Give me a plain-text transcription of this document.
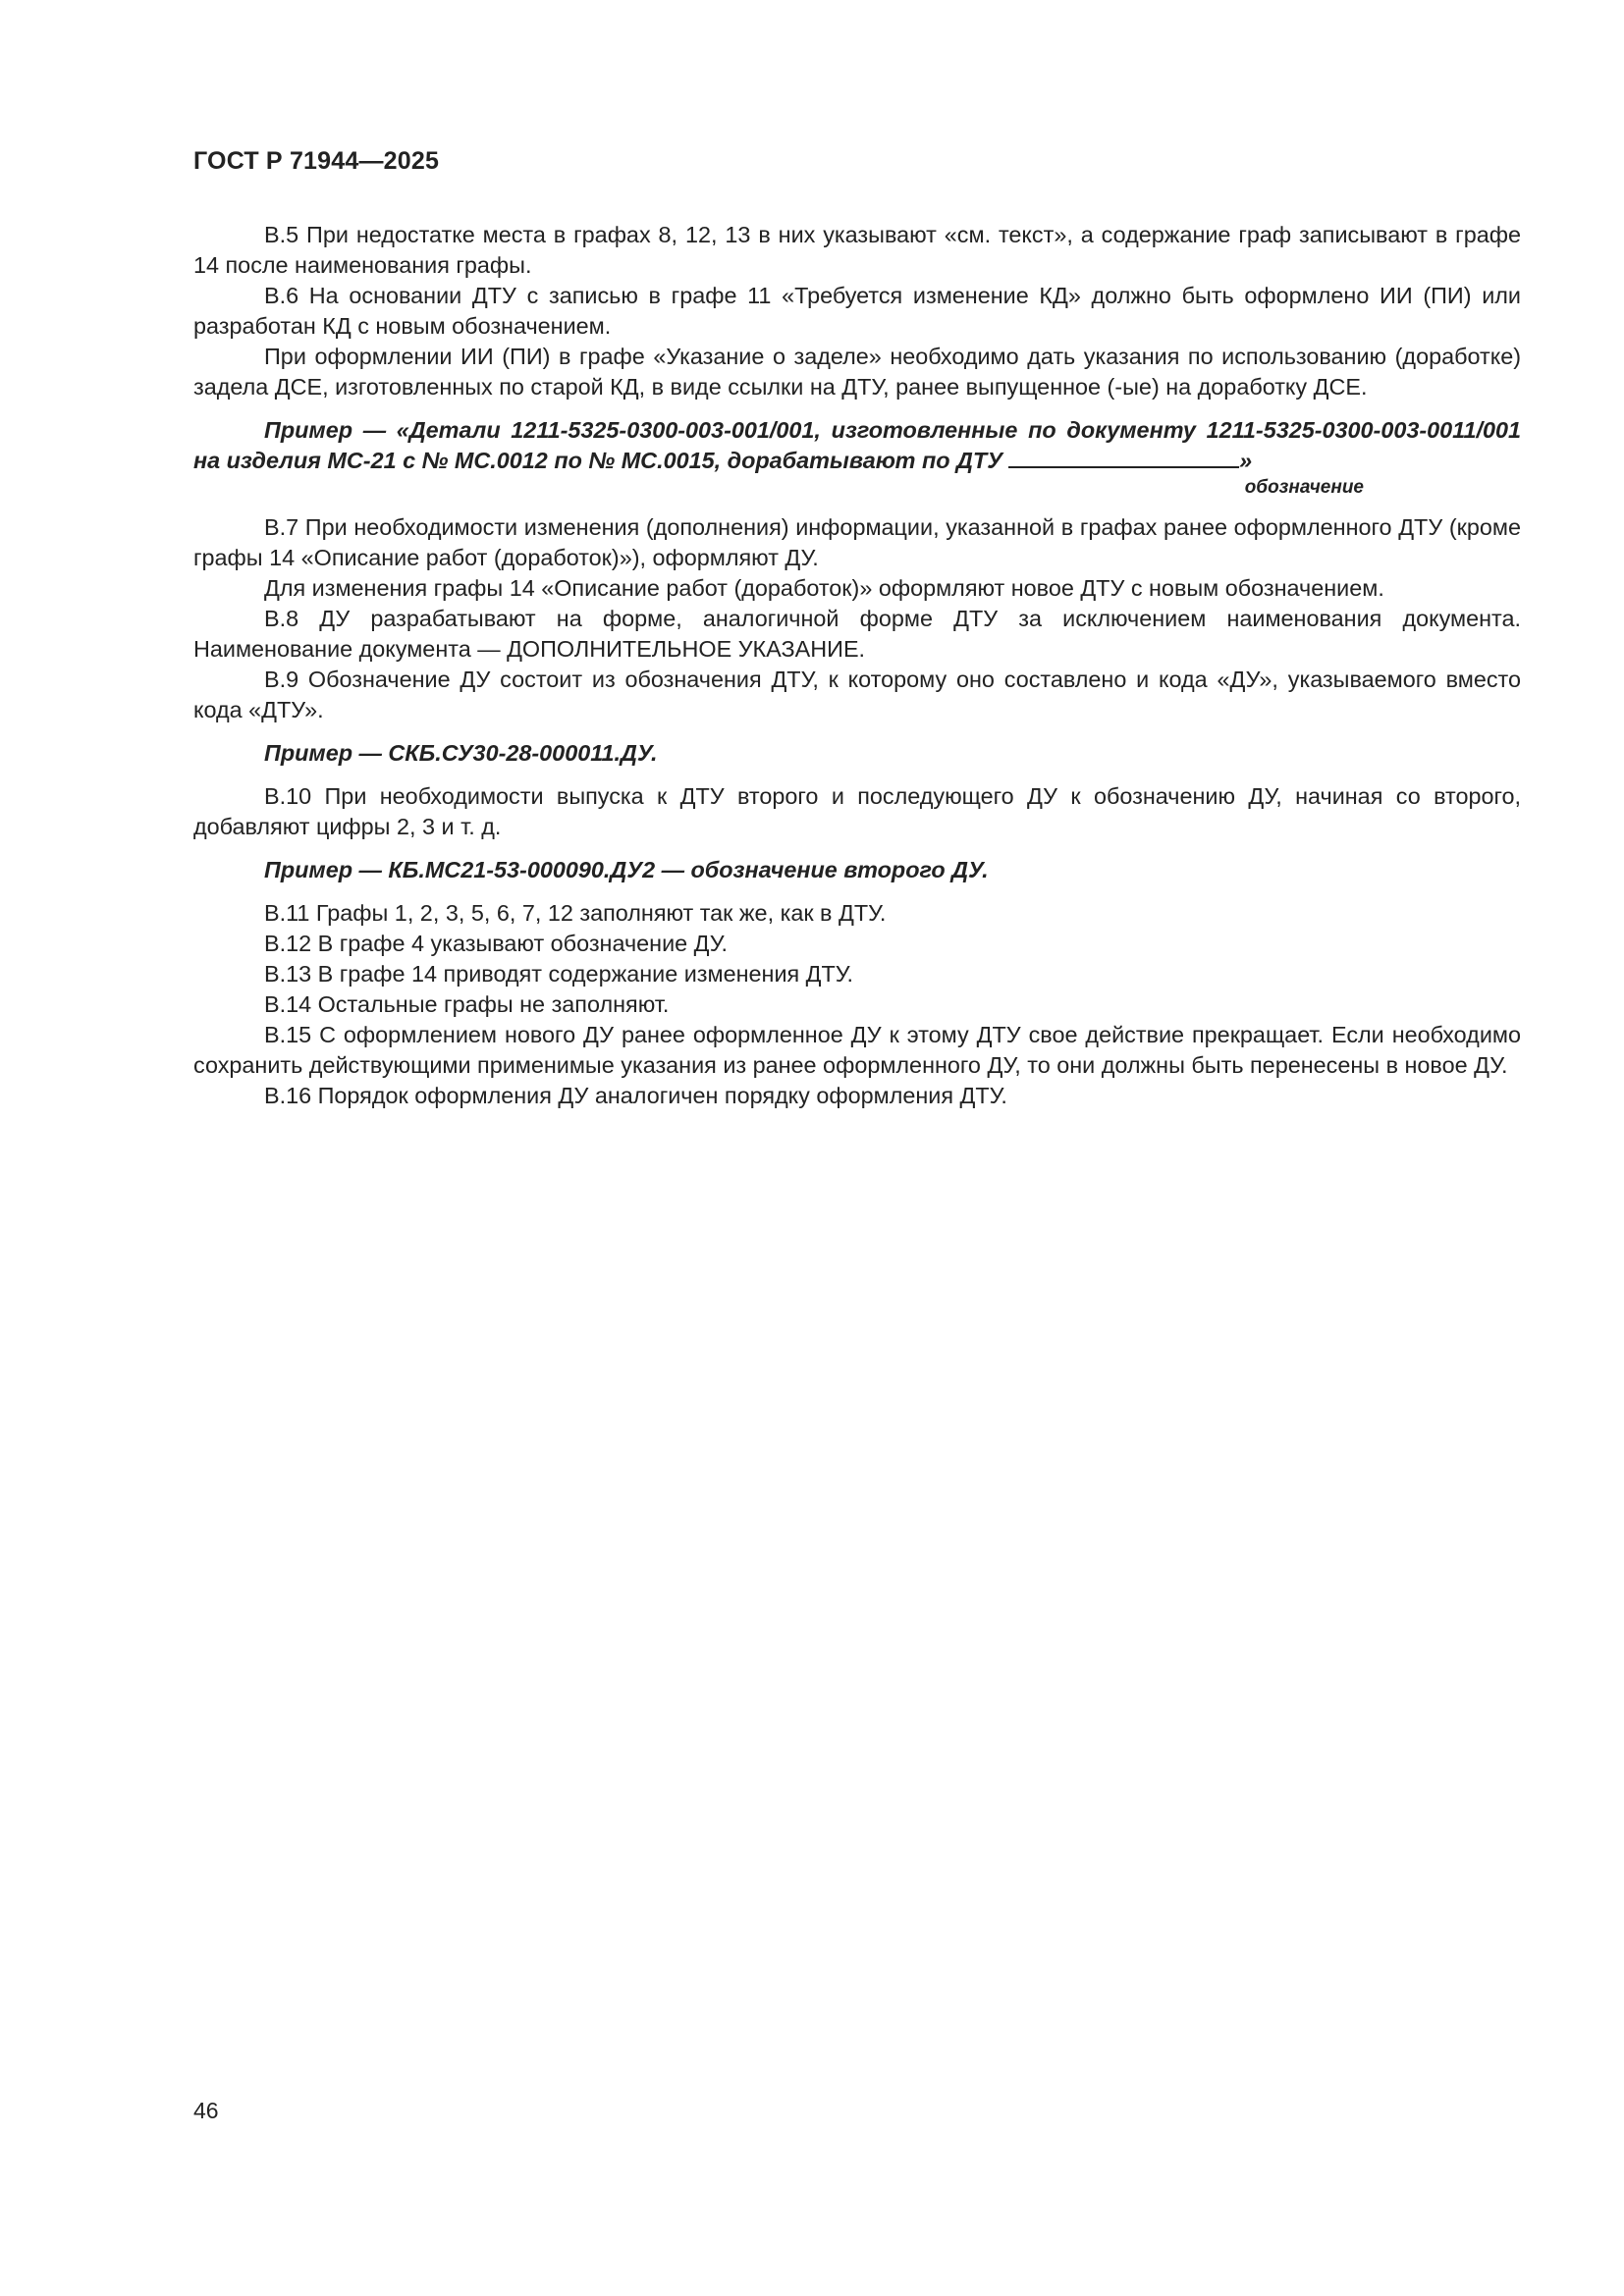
ГОСТ Р 71944—2025

В.5 При недостатке места в графах 8, 12, 13 в них указывают «см. текст», а содержание граф записывают в графе 14 после наименования графы.

В.6 На основании ДТУ с записью в графе 11 «Требуется изменение КД» должно быть оформлено ИИ (ПИ) или разработан КД с новым обозначением.

При оформлении ИИ (ПИ) в графе «Указание о заделе» необходимо дать указания по использованию (доработке) задела ДСЕ, изготовленных по старой КД, в виде ссылки на ДТУ, ранее выпущенное (-ые) на доработку ДСЕ.

Пример — «Детали 1211-5325-0300-003-001/001, изготовленные по документу 1211-5325-0300-003-0011/001 на изделия МС-21 с № МС.0012 по № МС.0015, дорабатывают по ДТУ	»

обозначение

В.7 При необходимости изменения (дополнения) информации, указанной в графах ранее оформленного ДТУ (кроме графы 14 «Описание работ (доработок)»), оформляют ДУ.

Для изменения графы 14 «Описание работ (доработок)» оформляют новое ДТУ с новым обозначением.

В.8 ДУ разрабатывают на форме, аналогичной форме ДТУ за исключением наименования документа. Наименование документа — ДОПОЛНИТЕЛЬНОЕ УКАЗАНИЕ.

В.9 Обозначение ДУ состоит из обозначения ДТУ, к которому оно составлено и кода «ДУ», указываемого вместо кода «ДТУ».

Пример — СКБ.СУ30-28-000011.ДУ.

В.10 При необходимости выпуска к ДТУ второго и последующего ДУ к обозначению ДУ, начиная со второго, добавляют цифры 2, 3 и т. д.

Пример — КБ.МС21-53-000090.ДУ2 — обозначение второго ДУ.

В.11 Графы 1, 2, 3, 5, 6, 7, 12 заполняют так же, как в ДТУ.

В.12 В графе 4 указывают обозначение ДУ.

В.13 В графе 14 приводят содержание изменения ДТУ.

В.14 Остальные графы не заполняют.

В.15 С оформлением нового ДУ ранее оформленное ДУ к этому ДТУ свое действие прекращает. Если необходимо сохранить действующими применимые указания из ранее оформленного ДУ, то они должны быть перенесены в новое ДУ.

В.16 Порядок оформления ДУ аналогичен порядку оформления ДТУ.

46
